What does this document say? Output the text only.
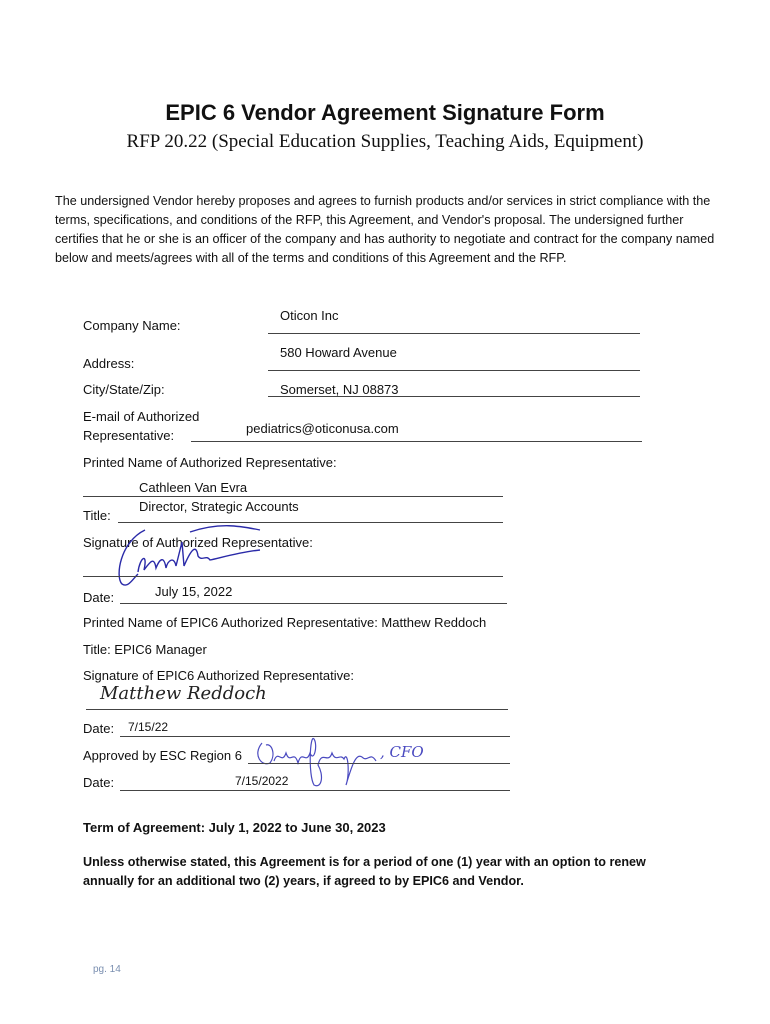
EPIC 6 Vendor Agreement Signature Form
RFP 20.22 (Special Education Supplies, Teaching Aids, Equipment)
The undersigned Vendor hereby proposes and agrees to furnish products and/or services in strict compliance with the terms, specifications, and conditions of the RFP, this Agreement, and Vendor's proposal. The undersigned further certifies that he or she is an officer of the company and has authority to negotiate and contract for the company named below and meets/agrees with all of the terms and conditions of this Agreement and the RFP.
Company Name:
Oticon Inc
Address:
580 Howard Avenue
City/State/Zip:	Somerset, NJ 08873
E-mail of Authorized
Representative:	pediatrics@oticonusa.com
Printed Name of Authorized Representative:
Cathleen Van Evra
Title:
Director, Strategic Accounts
Signature of Authorized Representative:
Date:	July 15, 2022
Printed Name of EPIC6 Authorized Representative: Matthew Reddoch
Title: EPIC6 Manager
Signature of EPIC6 Authorized Representative:
Matthew Reddoch
Date: 7/15/22
Approved by ESC Region 6	, CFO
Date:	7/15/2022
Term of Agreement: July 1, 2022 to June 30, 2023
Unless otherwise stated, this Agreement is for a period of one (1) year with an option to renew annually for an additional two (2) years, if agreed to by EPIC6 and Vendor.
pg. 14
